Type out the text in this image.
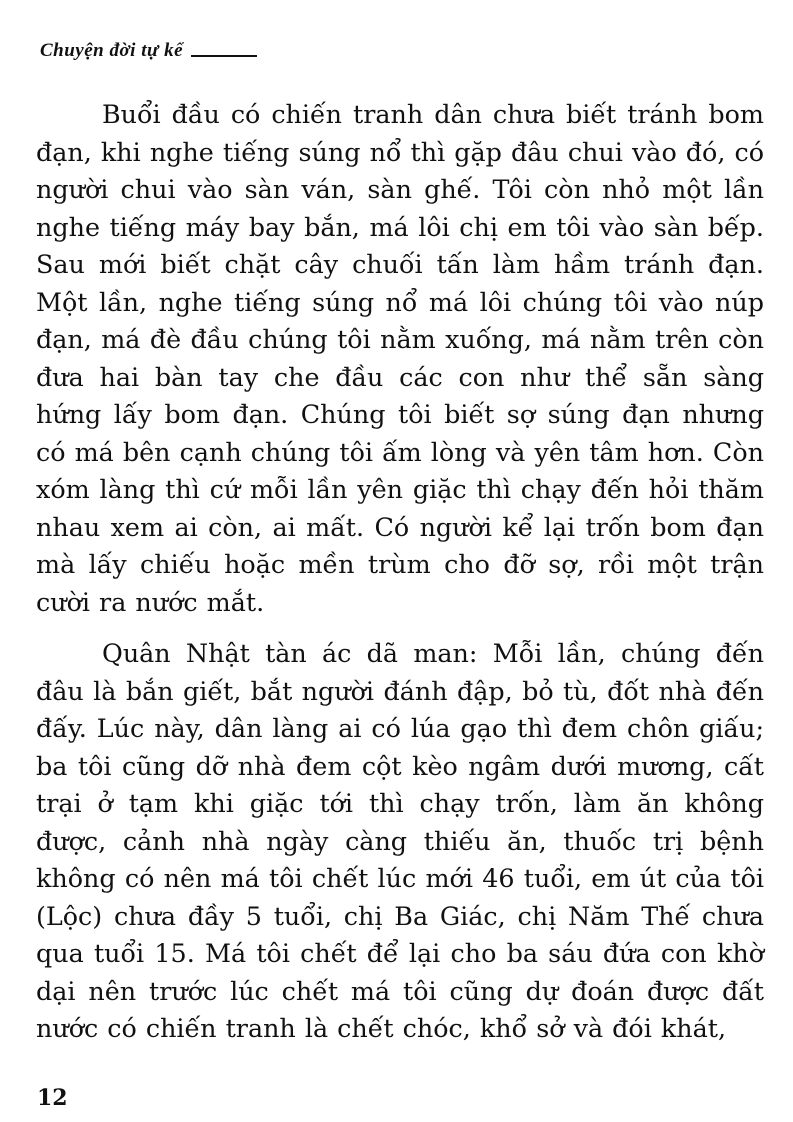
Chuyện đời tự kể

Buổi đầu có chiến tranh dân chưa biết tránh bom đạn, khi nghe tiếng súng nổ thì gặp đâu chui vào đó, có người chui vào sàn ván, sàn ghế. Tôi còn nhỏ một lần nghe tiếng máy bay bắn, má lôi chị em tôi vào sàn bếp. Sau mới biết chặt cây chuối tấn làm hầm tránh đạn. Một lần, nghe tiếng súng nổ má lôi chúng tôi vào núp đạn, má đè đầu chúng tôi nằm xuống, má nằm trên còn đưa hai bàn tay che đầu các con như thể sẵn sàng hứng lấy bom đạn. Chúng tôi biết sợ súng đạn nhưng có má bên cạnh chúng tôi ấm lòng và yên tâm hơn. Còn xóm làng thì cứ mỗi lần yên giặc thì chạy đến hỏi thăm nhau xem ai còn, ai mất. Có người kể lại trốn bom đạn mà lấy chiếu hoặc mền trùm cho đỡ sợ, rồi một trận cười ra nước mắt.

Quân Nhật tàn ác dã man: Mỗi lần, chúng đến đâu là bắn giết, bắt người đánh đập, bỏ tù, đốt nhà đến đấy. Lúc này, dân làng ai có lúa gạo thì đem chôn giấu; ba tôi cũng dỡ nhà đem cột kèo ngâm dưới mương, cất trại ở tạm khi giặc tới thì chạy trốn, làm ăn không được, cảnh nhà ngày càng thiếu ăn, thuốc trị bệnh không có nên má tôi chết lúc mới 46 tuổi, em út của tôi (Lộc) chưa đầy 5 tuổi, chị Ba Giác, chị Năm Thế chưa qua tuổi 15. Má tôi chết để lại cho ba sáu đứa con khờ dại nên trước lúc chết má tôi cũng dự đoán được đất nước có chiến tranh là chết chóc, khổ sở và đói khát,

12
